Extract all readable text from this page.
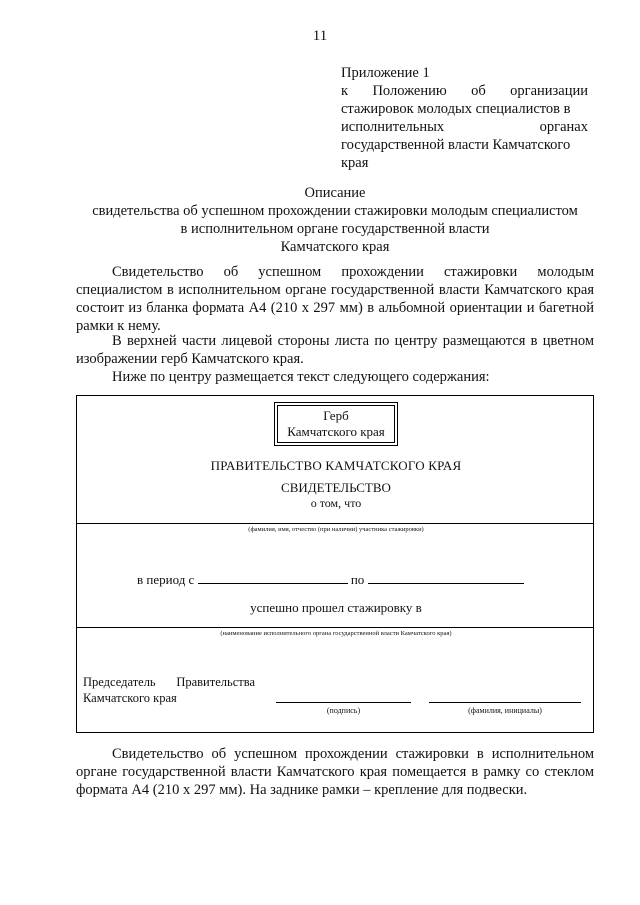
11
Приложение 1
к Положению об организации
стажировок молодых специалистов в
исполнительных	органах
государственной власти Камчатского
края
Описание
свидетельства об успешном прохождении стажировки молодым специалистом
в исполнительном органе государственной власти
Камчатского края
Свидетельство об успешном прохождении стажировки молодым специалистом в исполнительном органе государственной власти Камчатского края состоит из бланка формата А4 (210 х 297 мм) в альбомной ориентации и багетной рамки к нему.
В верхней части лицевой стороны листа по центру размещаются в цветном изображении герб Камчатского края.
Ниже по центру размещается текст следующего содержания:
Герб
Камчатского края
ПРАВИТЕЛЬСТВО КАМЧАТСКОГО КРАЯ
СВИДЕТЕЛЬСТВО
о том, что
(фамилия, имя, отчество (при наличии) участника стажировки)
в период с	по
успешно прошел стажировку в
(наименование исполнительного органа государственной власти Камчатского края)
Председатель Правительства
Камчатского края
(подпись)	(фамилия, инициалы)
Свидетельство об успешном прохождении стажировки в исполнительном органе государственной власти Камчатского края помещается в рамку со стеклом формата А4 (210 х 297 мм). На заднике рамки – крепление для подвески.
